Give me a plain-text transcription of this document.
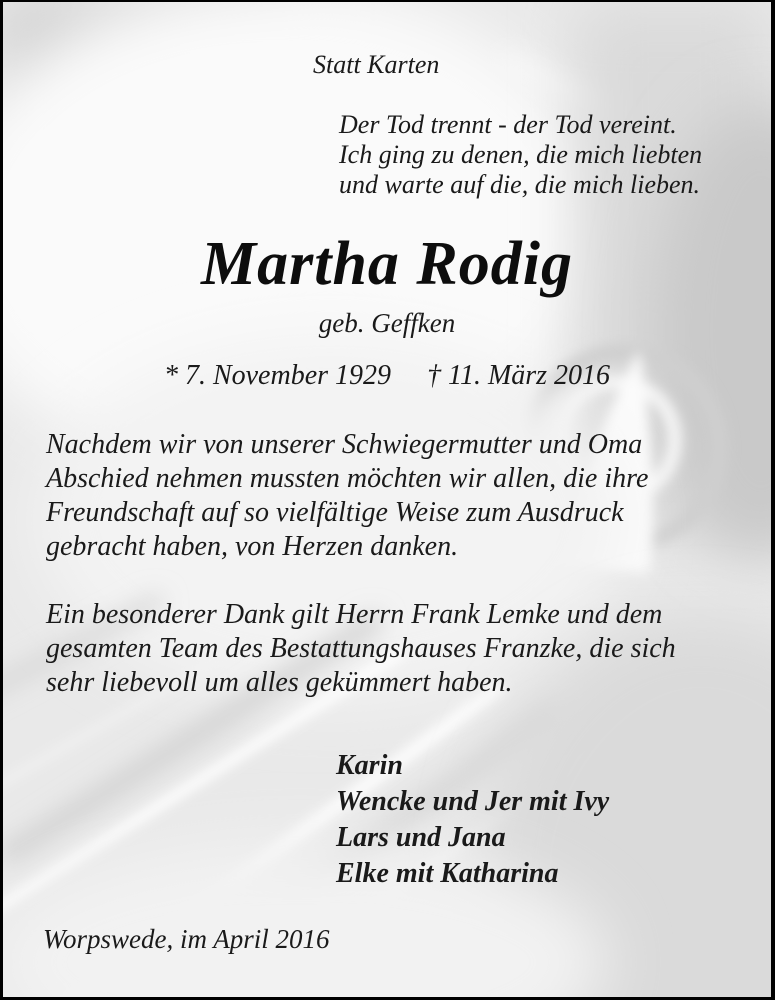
Statt Karten
Der Tod trennt - der Tod vereint.
Ich ging zu denen, die mich liebten
und warte auf die, die mich lieben.
Martha Rodig
geb. Geffken
* 7. November 1929 † 11. März 2016
Nachdem wir von unserer Schwiegermutter und Oma
Abschied nehmen mussten möchten wir allen, die ihre
Freundschaft auf so vielfältige Weise zum Ausdruck
gebracht haben, von Herzen danken.
Ein besonderer Dank gilt Herrn Frank Lemke und dem
gesamten Team des Bestattungshauses Franzke, die sich
sehr liebevoll um alles gekümmert haben.
Karin
Wencke und Jer mit Ivy
Lars und Jana
Elke mit Katharina
Worpswede, im April 2016
